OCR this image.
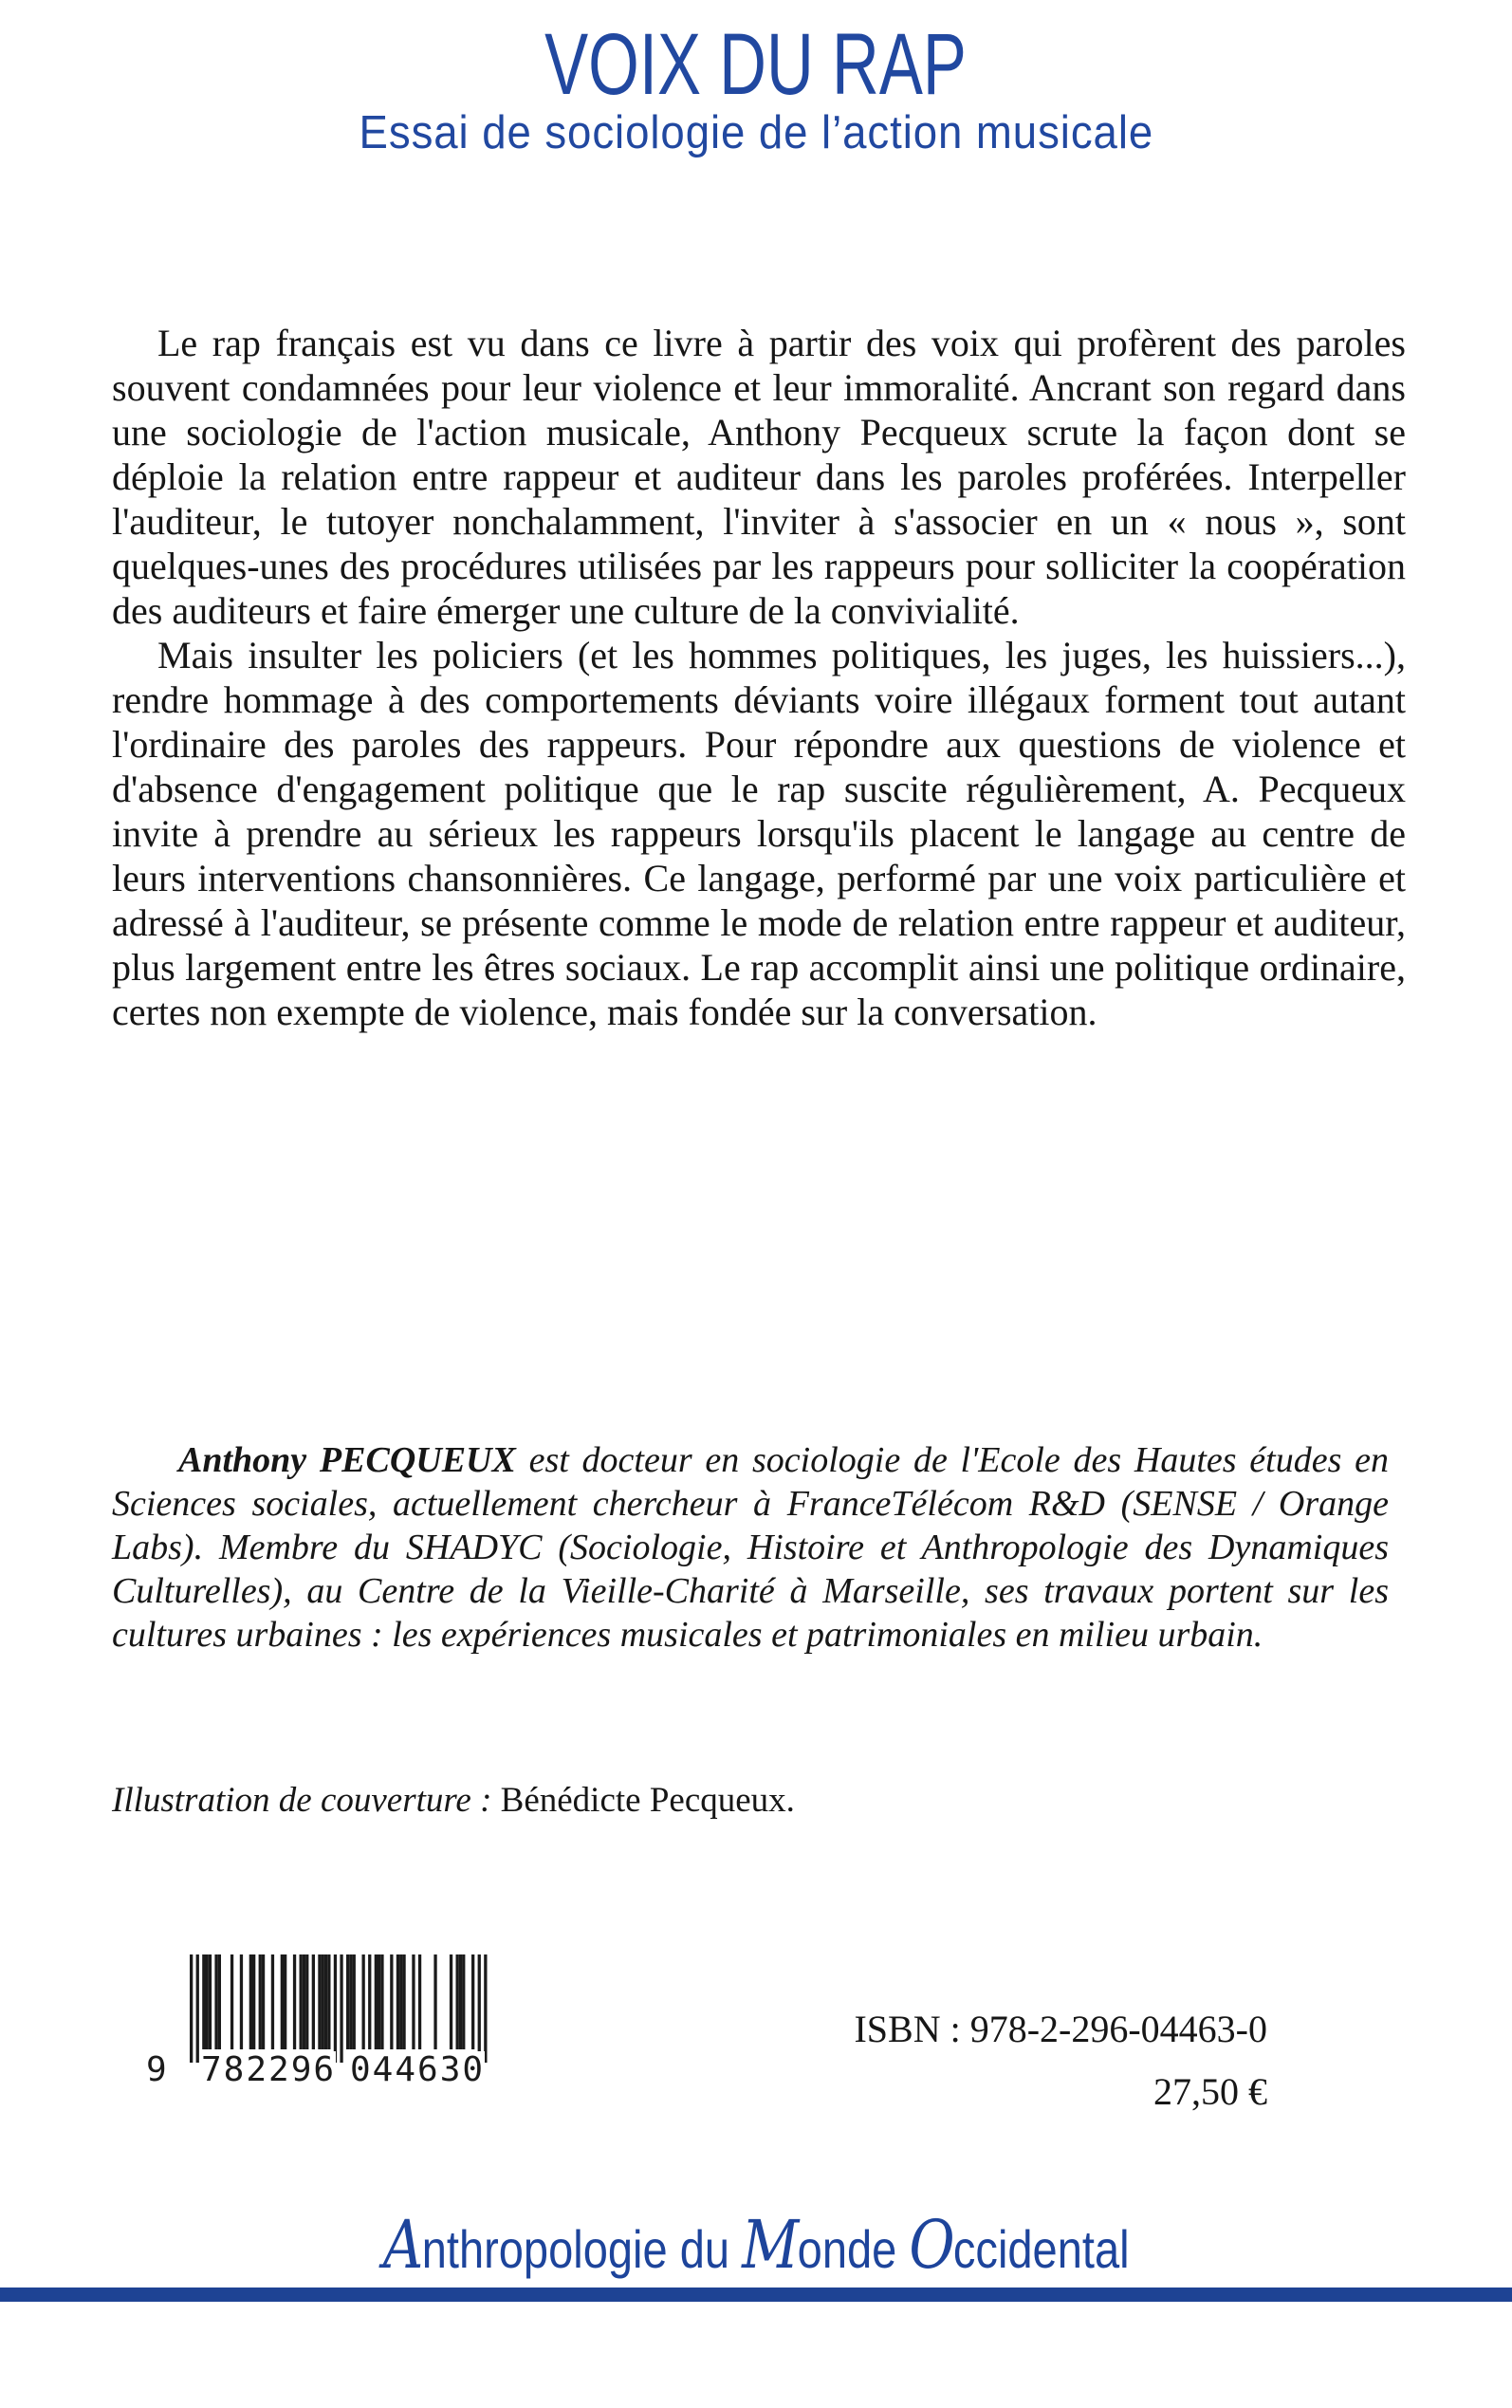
VOIX DU RAP
Essai de sociologie de l’action musicale

Le rap français est vu dans ce livre à partir des voix qui profèrent des paroles souvent condamnées pour leur violence et leur immoralité. Ancrant son regard dans une sociologie de l'action musicale, Anthony Pecqueux scrute la façon dont se déploie la relation entre rappeur et auditeur dans les paroles proférées. Interpeller l'auditeur, le tutoyer nonchalamment, l'inviter à s'associer en un « nous », sont quelques-unes des procédures utilisées par les rappeurs pour solliciter la coopération des auditeurs et faire émerger une culture de la convivialité.

Mais insulter les policiers (et les hommes politiques, les juges, les huissiers...), rendre hommage à des comportements déviants voire illégaux forment tout autant l'ordinaire des paroles des rappeurs. Pour répondre aux questions de violence et d'absence d'engagement politique que le rap suscite régulièrement, A. Pecqueux invite à prendre au sérieux les rappeurs lorsqu'ils placent le langage au centre de leurs interventions chansonnières. Ce langage, performé par une voix particulière et adressé à l'auditeur, se présente comme le mode de relation entre rappeur et auditeur, plus largement entre les êtres sociaux. Le rap accomplit ainsi une politique ordinaire, certes non exempte de violence, mais fondée sur la conversation.

Anthony PECQUEUX est docteur en sociologie de l'Ecole des Hautes études en Sciences sociales, actuellement chercheur à FranceTélécom R&D (SENSE / Orange Labs). Membre du SHADYC (Sociologie, Histoire et Anthropologie des Dynamiques Culturelles), au Centre de la Vieille-Charité à Marseille, ses travaux portent sur les cultures urbaines : les expériences musicales et patrimoniales en milieu urbain.
Illustration de couverture : Bénédicte Pecqueux.
9 782296 044630
ISBN : 978-2-296-04463-0
27,50 €
Anthropologie du Monde Occidental
